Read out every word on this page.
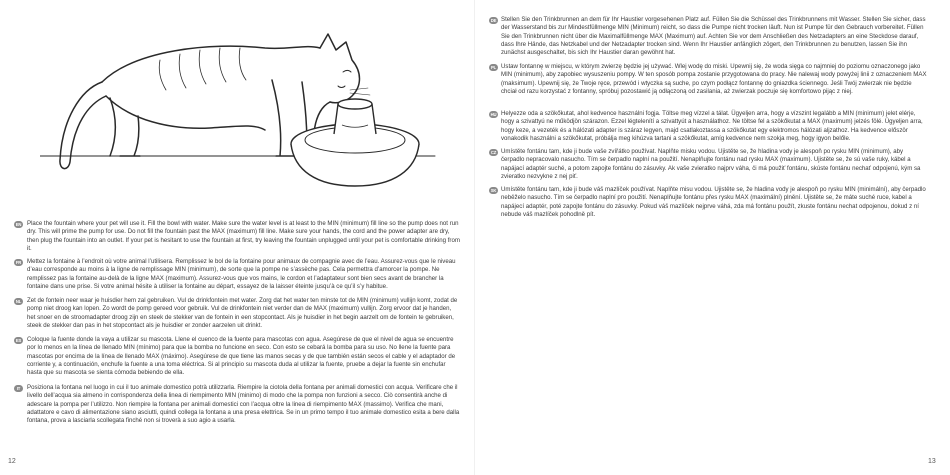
EN Place the fountain where your pet will use it. Fill the bowl with water. Make sure the water level is at least to the MIN (minimum) fill line so the pump does not run dry. This will prime the pump for use. Do not fill the fountain past the MAX (maximum) fill line. Make sure your hands, the cord and the power adapter are dry, then plug the fountain into an outlet. If your pet is hesitant to use the fountain at first, try leaving the fountain unplugged until your pet is comfortable drinking from it.
FR Mettez la fontaine à l’endroit où votre animal l’utilisera. Remplissez le bol de la fontaine pour animaux de compagnie avec de l’eau. Assurez-vous que le niveau d’eau corresponde au moins à la ligne de remplissage MIN (minimum), de sorte que la pompe ne s’assèche pas. Cela permettra d’amorcer la pompe. Ne remplissez pas la fontaine au-delà de la ligne MAX (maximum). Assurez-vous que vos mains, le cordon et l’adaptateur sont bien secs avant de brancher la fontaine dans une prise. Si votre animal hésite à utiliser la fontaine au départ, essayez de la laisser éteinte jusqu’à ce qu’il s’y habitue.
NL Zet de fontein neer waar je huisdier hem zal gebruiken. Vul de drinkfontein met water. Zorg dat het water ten minste tot de MIN (minimum) vullijn komt, zodat de pomp niet droog kan lopen. Zo wordt de pomp gereed voor gebruik. Vul de drinkfontein niet verder dan de MAX (maximum) vullijn. Zorg ervoor dat je handen, het snoer en de stroomadapter droog zijn en steek de stekker van de fontein in een stopcontact. Als je huisdier in het begin aarzelt om de fontein te gebruiken, steek de stekker dan pas in het stopcontact als je huisdier er zonder aarzelen uit drinkt.
ES Coloque la fuente donde la vaya a utilizar su mascota. Llene el cuenco de la fuente para mascotas con agua. Asegúrese de que el nivel de agua se encuentre por lo menos en la línea de llenado MIN (mínimo) para que la bomba no funcione en seco. Con esto se cebará la bomba para su uso. No llene la fuente para mascotas por encima de la línea de llenado MAX (máximo). Asegúrese de que tiene las manos secas y de que también están secos el cable y el adaptador de corriente y, a continuación, enchufe la fuente a una toma eléctrica. Si al principio su mascota duda al utilizar la fuente, pruebe a dejar la fuente sin enchufar hasta que su mascota se sienta cómoda bebiendo de ella.
IT	Posiziona la fontana nel luogo in cui il tuo animale domestico potrà utilizzarla. Riempire la ciotola della fontana per animali domestici con acqua. Verificare che il livello dell’acqua sia almeno in corrispondenza della linea di riempimento MIN (minimo) di modo che la pompa non funzioni a secco. Ciò consentirà anche di adescare la pompa per l’utilizzo. Non riempire la fontana per animali domestici con l’acqua oltre la linea di riempimento MAX (massimo). Verifica che mani, adattatore e cavo di alimentazione siano asciutti, quindi collega la fontana a una presa elettrica. Se in un primo tempo il tuo animale domestico esita a bere dalla fontana, prova a lasciarla scollegata finché non si troverà a suo agio a usarla.
DE Stellen Sie den Trinkbrunnen an dem für Ihr Haustier vorgesehenen Platz auf. Füllen Sie die Schüssel des Trinkbrunnens mit Wasser. Stellen Sie sicher, dass der Wasserstand bis zur Mindestfüllmenge MIN (Minimum) reicht, so dass die Pumpe nicht trocken läuft. Nun ist Pumpe für den Gebrauch vorbereitet. Füllen Sie den Trinkbrunnen nicht über die Maximalfüllmenge MAX (Maximum) auf. Achten Sie vor dem Anschließen des Netzadapters an eine Steckdose darauf, dass Ihre Hände, das Netzkabel und der Netzadapter trocken sind. Wenn Ihr Haustier anfänglich zögert, den Trinkbrunnen zu benutzen, lassen Sie ihn zunächst ausgeschaltet, bis sich Ihr Haustier daran gewöhnt hat.
PL Ustaw fontannę w miejscu, w którym zwierzę będzie jej używać. Wlej wodę do miski. Upewnij się, że woda sięga co najmniej do poziomu oznaczonego jako MIN (minimum), aby zapobiec wysuszeniu pompy. W ten sposób pompa zostanie przygotowana do pracy. Nie nalewaj wody powyżej linii z oznaczeniem MAX (maksimum). Upewnij się, że Twoje ręce, przewód i wtyczka są suche, po czym podłącz fontannę do gniazdka ściennego. Jeśli Twój zwierzak nie będzie chciał od razu korzystać z fontanny, spróbuj pozostawić ją odłączoną od zasilania, aż zwierzak poczuje się komfortowo pijąc z niej.
HU Helyezze oda a szökőkutat, ahol kedvence használni fogja. Töltse meg vízzel a tálat. Ügyeljen arra, hogy a vízszint legalább a MIN (minimum) jelet elérje, hogy a szivattyú ne működjön szárazon. Ezzel légtelenítí a szivattyút a használathoz. Ne töltse fel a szökőkutat a MAX (maximum) jelzés fölé. Ügyeljen arra, hogy keze, a vezeték és a hálózati adapter is száraz legyen, majd csatlakoztassa a szökőkutat egy elektromos hálózati aljzathoz. Ha kedvence először vonakodik használni a szökőkutat, próbálja meg kihúzva tartani a szökőkutat, amíg kedvence nem szokja meg, hogy igyon belőle.
CZ Umístěte fontánu tam, kde ji bude vaše zvířátko používat. Naplňte misku vodou. Ujistěte se, že hladina vody je alespoň po rysku MIN (minimum), aby čerpadlo nepracovalo nasucho. Tím se čerpadlo naplní na použití. Nenaplňujte fontánu nad rysku MAX (maximum). Ujistěte se, že sú vaše ruky, kábel a napájací adaptér suché, a potom zapojte fontánu do zásuvky. Ak vaše zvieratko najprv váha, či má použiť fontánu, skúste fontánu nechať odpojenú, kým sa zvieratko nezvykne z nej piť.
SK Umístěte fontánu tam, kde ji bude váš mazlíček používat. Naplňte misu vodou. Ujistěte se, že hladina vody je alespoň po rysku MIN (minimální), aby čerpadlo neběželo nasucho. Tím se čerpadlo naplní pro použití. Nenaplňujte fontánu přes rysku MAX (maximální) plnění. Ujistěte se, že máte suché ruce, kabel a napájecí adaptér, poté zapojte fontánu do zásuvky. Pokud váš mazlíček nejprve váhá, zda má fontánu použít, zkuste fontánu nechat odpojenou, dokud z ní nebude váš mazlíček pohodlně pít.
12	13
